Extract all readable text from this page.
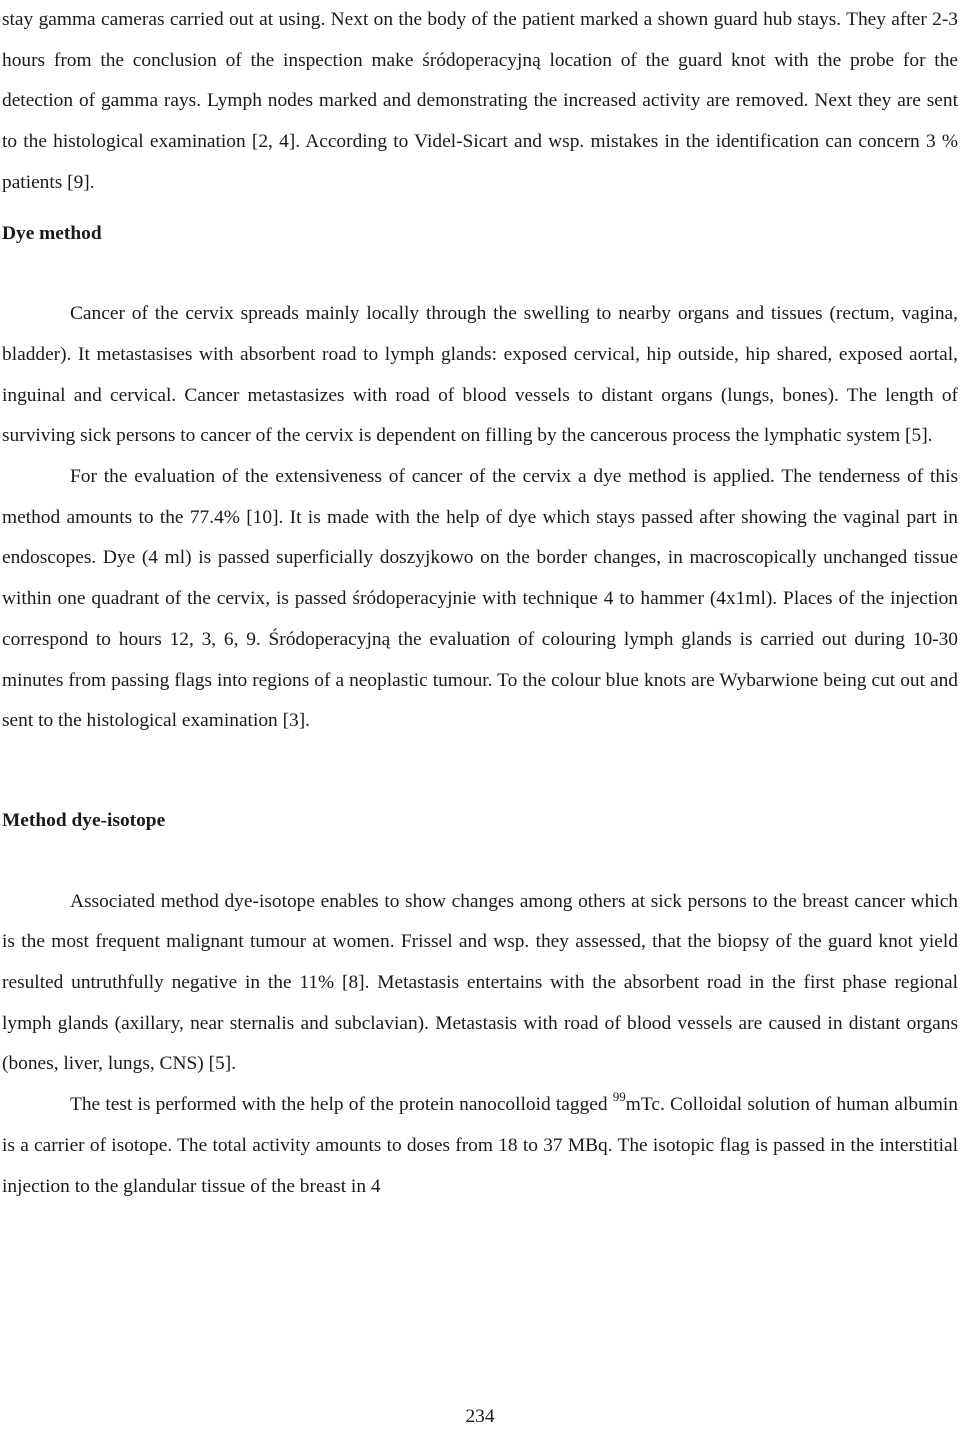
stay gamma cameras carried out at using. Next on the body of the patient marked a shown guard hub stays. They after 2-3 hours from the conclusion of the inspection make śródoperacyjną location of the guard knot with the probe for the detection of gamma rays. Lymph nodes marked and demonstrating the increased activity are removed. Next they are sent to the histological examination [2, 4]. According to Videl-Sicart and wsp. mistakes in the identification can concern 3 % patients [9].

Dye method

Cancer of the cervix spreads mainly locally through the swelling to nearby organs and tissues (rectum, vagina, bladder). It metastasises with absorbent road to lymph glands: exposed cervical, hip outside, hip shared, exposed aortal, inguinal and cervical. Cancer metastasizes with road of blood vessels to distant organs (lungs, bones). The length of surviving sick persons to cancer of the cervix is dependent on filling by the cancerous process the lymphatic system [5].

For the evaluation of the extensiveness of cancer of the cervix a dye method is applied. The tenderness of this method amounts to the 77.4% [10]. It is made with the help of dye which stays passed after showing the vaginal part in endoscopes. Dye (4 ml) is passed superficially doszyjkowo on the border changes, in macroscopically unchanged tissue within one quadrant of the cervix, is passed śródoperacyjnie with technique 4 to hammer (4x1ml). Places of the injection correspond to hours 12, 3, 6, 9. Śródoperacyjną the evaluation of colouring lymph glands is carried out during 10-30 minutes from passing flags into regions of a neoplastic tumour. To the colour blue knots are Wybarwione being cut out and sent to the histological examination [3].

Method dye-isotope

Associated method dye-isotope enables to show changes among others at sick persons to the breast cancer which is the most frequent malignant tumour at women. Frissel and wsp. they assessed, that the biopsy of the guard knot yield resulted untruthfully negative in the 11% [8]. Metastasis entertains with the absorbent road in the first phase regional lymph glands (axillary, near sternalis and subclavian). Metastasis with road of blood vessels are caused in distant organs (bones, liver, lungs, CNS) [5].

The test is performed with the help of the protein nanocolloid tagged $^{99}$mTc. Colloidal solution of human albumin is a carrier of isotope. The total activity amounts to doses from 18 to 37 MBq. The isotopic flag is passed in the interstitial injection to the glandular tissue of the breast in 4

234
